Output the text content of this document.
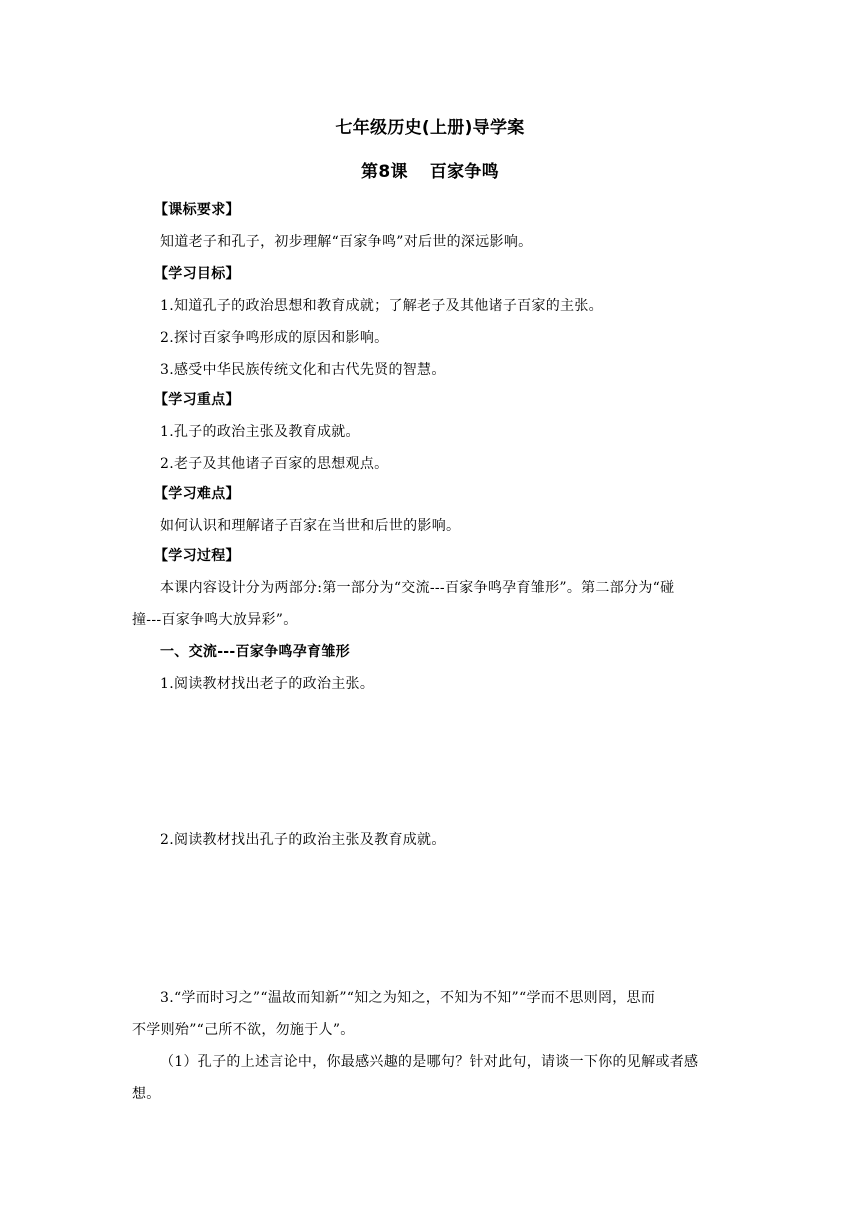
七年级历史(上册)导学案
第8课 百家争鸣
【课标要求】
知道老子和孔子，初步理解“百家争鸣”对后世的深远影响。
【学习目标】
1.知道孔子的政治思想和教育成就；了解老子及其他诸子百家的主张。
2.探讨百家争鸣形成的原因和影响。
3.感受中华民族传统文化和古代先贤的智慧。
【学习重点】
1.孔子的政治主张及教育成就。
2.老子及其他诸子百家的思想观点。
【学习难点】
如何认识和理解诸子百家在当世和后世的影响。
【学习过程】
本课内容设计分为两部分:第一部分为“交流---百家争鸣孕育雏形”。第二部分为“碰
撞---百家争鸣大放异彩”。
一、交流---百家争鸣孕育雏形
1.阅读教材找出老子的政治主张。
2.阅读教材找出孔子的政治主张及教育成就。
3.“学而时习之”“温故而知新”“知之为知之，不知为不知”“学而不思则罔，思而
不学则殆”“己所不欲，勿施于人”。
（1）孔子的上述言论中，你最感兴趣的是哪句？针对此句，请谈一下你的见解或者感
想。
